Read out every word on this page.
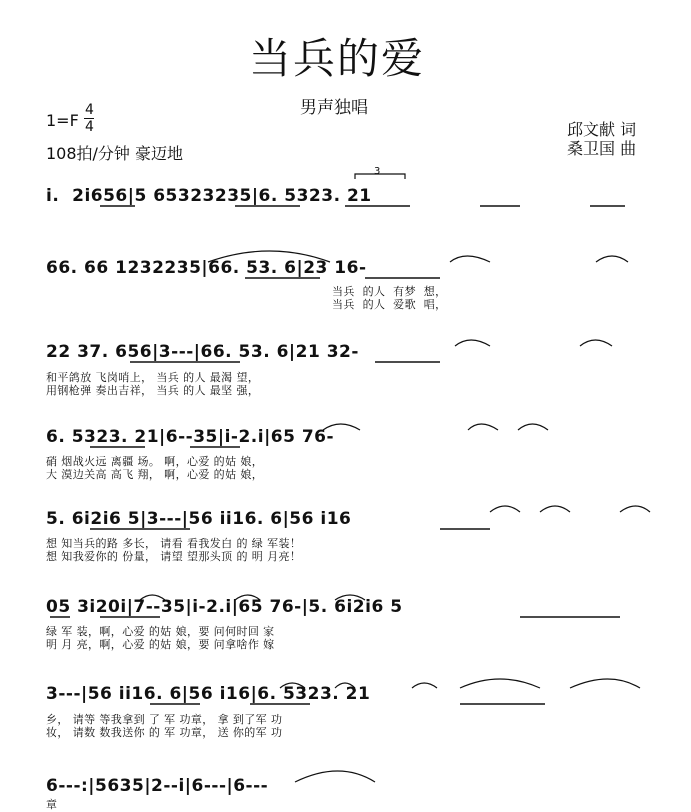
当兵的爱
男声独唱
1=F
4
4
108拍/分钟 豪迈地
邱文献 词
桑卫国 曲
i.  2i656|5 65323235|6. 5323. 21
3
66. 66 1232235|66. 53. 6|23 16-
当兵  的人  有梦  想，
当兵  的人  爱歌  唱，
22 37. 656|3---|66. 53. 6|21 32-
和平鸽放 飞岗哨上， 当兵 的人 最渴 望，
用钢枪弹 奏出吉祥， 当兵 的人 最坚 强，
6. 5323. 21|6--35|i-2.i|65 76-
硝 烟战火远 离疆 场。 啊，心爱 的姑 娘，
大 漠边关高 高飞 翔， 啊，心爱 的姑 娘，
5. 6i2i6 5|3---|56 ii16. 6|56 i16
想 知当兵的路 多长， 请看 看我发白 的 绿 军装！
想 知我爱你的 份量， 请望 望那头顶 的 明 月亮！
05 3i20i|7--35|i-2.i|65 76-|5. 6i2i6 5
绿 军 装，啊，心爱 的姑 娘，要 问何时回 家
明 月 亮，啊，心爱 的姑 娘，要 问拿啥作 嫁
3---|56 ii16. 6|56 i16|6. 5323. 21
乡， 请等 等我拿到 了 军 功章， 拿 到了军 功
妆， 请数 数我送你 的 军 功章， 送 你的军 功
6---:|5635|2--i|6---|6---
章
